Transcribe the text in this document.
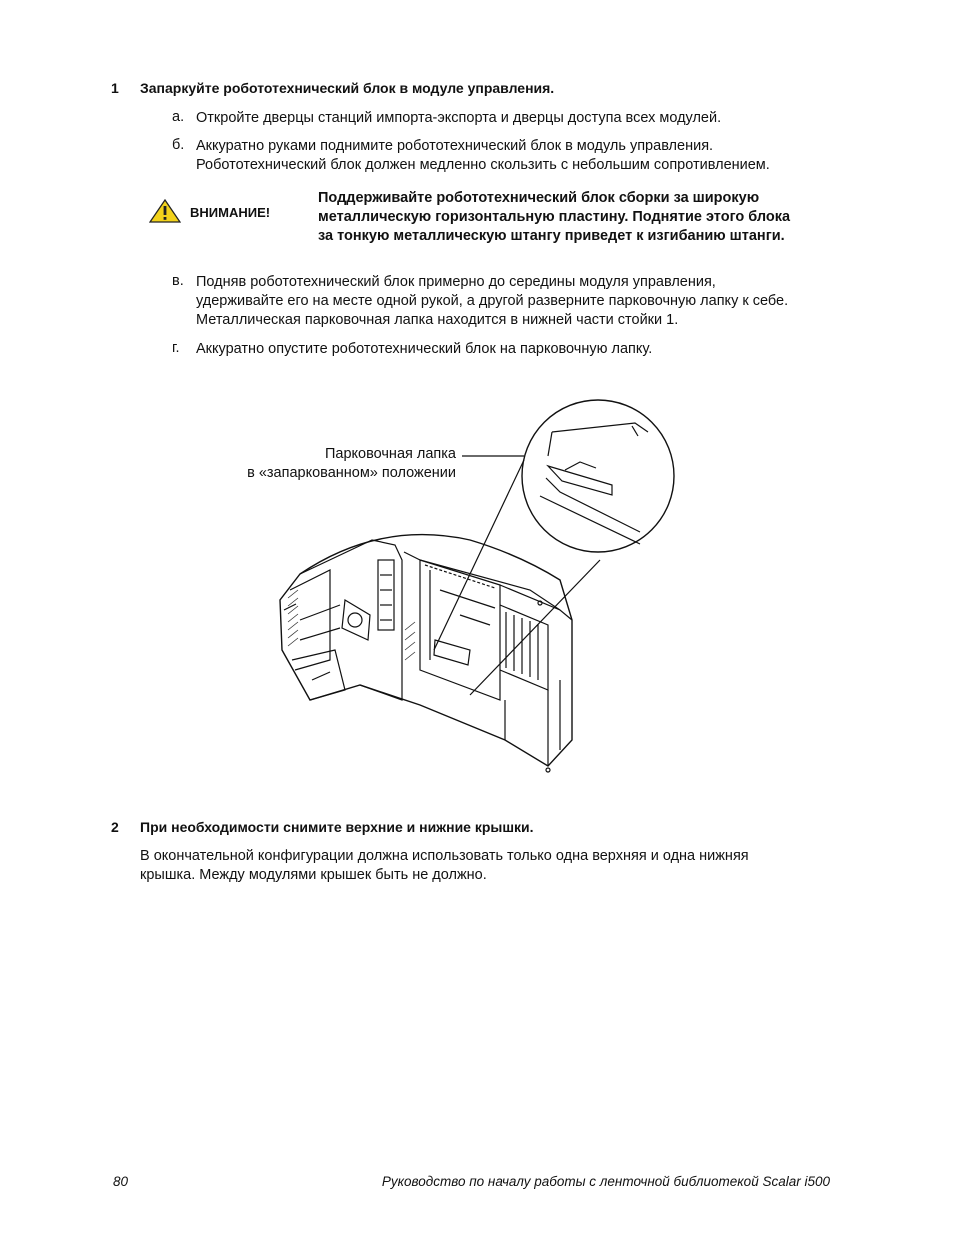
1 Запаркуйте робототехнический блок в модуле управления.
а. Откройте дверцы станций импорта-экспорта и дверцы доступа всех модулей.
б. Аккуратно руками поднимите робототехнический блок в модуль управления.
Робототехнический блок должен медленно скользить с небольшим сопротивлением.
ВНИМАНИЕ!
Поддерживайте робототехнический блок сборки за широкую
металлическую горизонтальную пластину. Поднятие этого блока
за тонкую металлическую штангу приведет к изгибанию штанги.
в. Подняв робототехнический блок примерно до середины модуля управления,
удерживайте его на месте одной рукой, а другой разверните парковочную лапку к себе.
Металлическая парковочная лапка находится в нижней части стойки 1.
г. Аккуратно опустите робототехнический блок на парковочную лапку.
Парковочная лапка
в «запаркованном» положении
2 При необходимости снимите верхние и нижние крышки.
В окончательной конфигурации должна использовать только одна верхняя и одна нижняя
крышка. Между модулями крышек быть не должно.
80	Руководство по началу работы с ленточной библиотекой Scalar i500
